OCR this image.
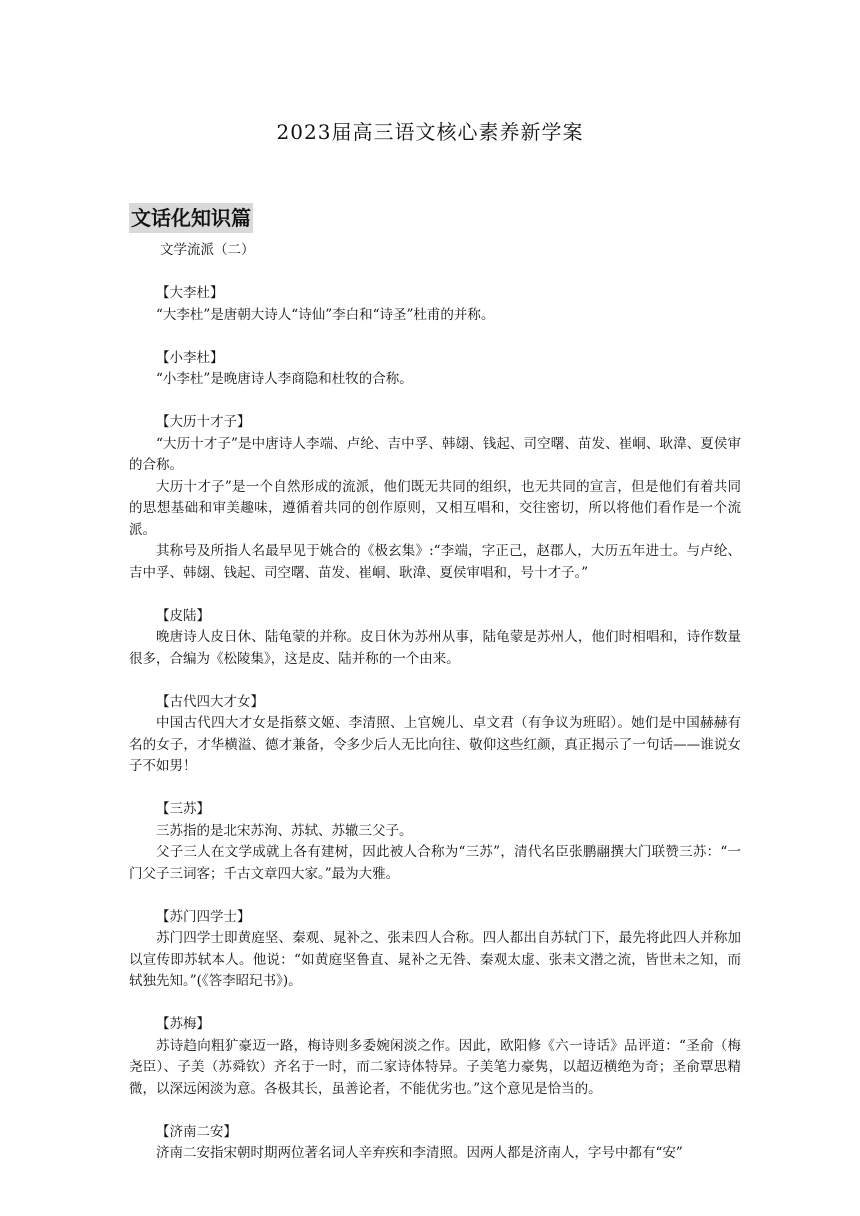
2023届高三语文核心素养新学案
文话化知识篇

文学流派（二）

【大李杜】

“大李杜”是唐朝大诗人“诗仙”李白和“诗圣”杜甫的并称。

【小李杜】

“小李杜”是晚唐诗人李商隐和杜牧的合称。

【大历十才子】

“大历十才子”是中唐诗人李端、卢纶、吉中孚、韩翃、钱起、司空曙、苗发、崔峒、耿湋、夏侯审的合称。

大历十才子”是一个自然形成的流派，他们既无共同的组织，也无共同的宣言，但是他们有着共同的思想基础和审美趣味，遵循着共同的创作原则，又相互唱和，交往密切，所以将他们看作是一个流派。

其称号及所指人名最早见于姚合的《极玄集》:“李端，字正己，赵郡人，大历五年进士。与卢纶、吉中孚、韩翃、钱起、司空曙、苗发、崔峒、耿湋、夏侯审唱和，号十才子。”

【皮陆】

晚唐诗人皮日休、陆龟蒙的并称。皮日休为苏州从事，陆龟蒙是苏州人，他们时相唱和，诗作数量很多，合编为《松陵集》，这是皮、陆并称的一个由来。

【古代四大才女】

中国古代四大才女是指蔡文姬、李清照、上官婉儿、卓文君（有争议为班昭）。她们是中国赫赫有名的女子，才华横溢、德才兼备，令多少后人无比向往、敬仰这些红颜，真正揭示了一句话——谁说女子不如男！

【三苏】

三苏指的是北宋苏洵、苏轼、苏辙三父子。

父子三人在文学成就上各有建树，因此被人合称为“三苏”，清代名臣张鹏翮撰大门联赞三苏：“一门父子三词客；千古文章四大家。”最为大雅。

【苏门四学士】

苏门四学士即黄庭坚、秦观、晁补之、张耒四人合称。四人都出自苏轼门下，最先将此四人并称加以宣传即苏轼本人。他说：“如黄庭坚鲁直、晁补之无咎、秦观太虚、张耒文潜之流，皆世未之知，而轼独先知。”(《答李昭玘书》)。

【苏梅】

苏诗趋向粗犷豪迈一路，梅诗则多委婉闲淡之作。因此，欧阳修《六一诗话》品评道：“圣俞（梅尧臣）、子美（苏舜钦）齐名于一时，而二家诗体特异。子美笔力豪隽，以超迈横绝为奇；圣俞覃思精微，以深远闲淡为意。各极其长，虽善论者，不能优劣也。”这个意见是恰当的。

【济南二安】

济南二安指宋朝时期两位著名词人辛弃疾和李清照。因两人都是济南人，字号中都有“安”
